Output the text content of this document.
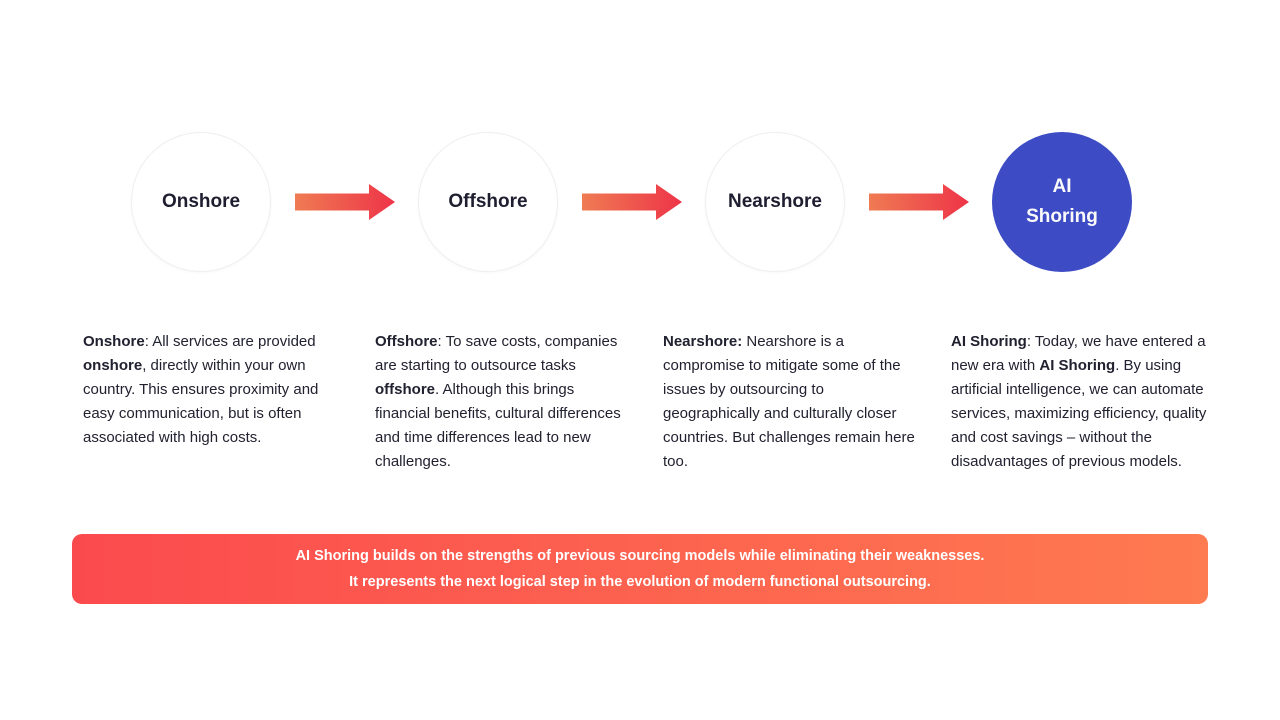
Onshore	Offshore	Nearshore
AI Shoring

Onshore: All services are provided onshore, directly within your own country. This ensures proximity and easy communication, but is often associated with high costs.

Offshore: To save costs, companies are starting to outsource tasks offshore. Although this brings financial benefits, cultural differences and time differences lead to new challenges.

Nearshore: Nearshore is a compromise to mitigate some of the issues by outsourcing to geographically and culturally closer countries. But challenges remain here too.

AI Shoring: Today, we have entered a new era with AI Shoring. By using artificial intelligence, we can automate services, maximizing efficiency, quality and cost savings – without the disadvantages of previous models.

AI Shoring builds on the strengths of previous sourcing models while eliminating their weaknesses.
It represents the next logical step in the evolution of modern functional outsourcing.
